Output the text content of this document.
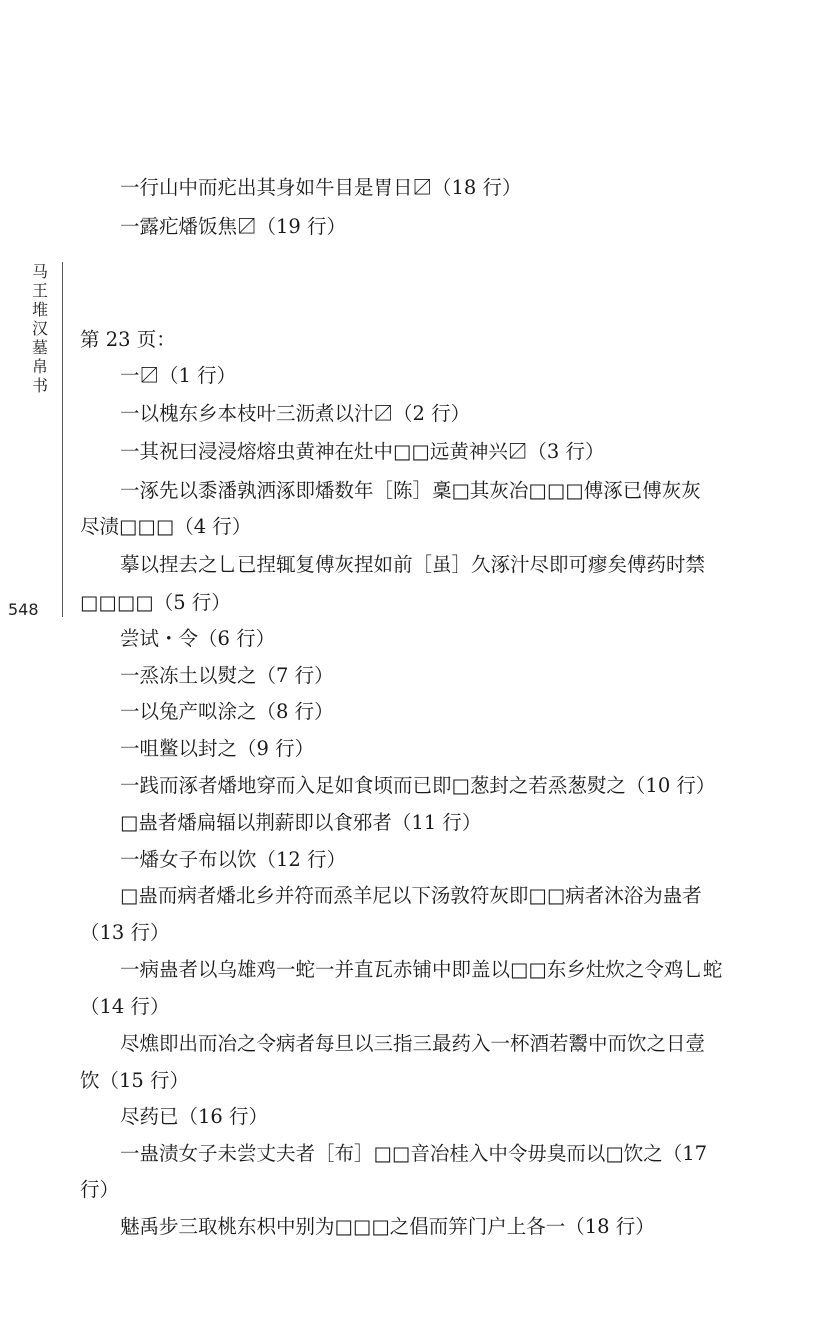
马
王
堆
汉
墓
帛
书
548
一行山中而疕出其身如牛目是胃日〼（18 行）
一露疕燔饭焦〼（19 行）
第 23 页：
一〼（1 行）
一以槐东乡本枝叶三沥煮以汁〼（2 行）
一其祝曰浸浸熔熔虫黄神在灶中□□远黄神兴〼（3 行）
一涿先以黍潘孰洒涿即燔数年［陈］稾□其灰冶□□□傅涿已傅灰灰
尽渍□□□（4 行）
摹以捏去之乚已捏辄复傅灰捏如前［虽］久涿汁尽即可瘳矣傅药时禁
□□□□（5 行）
尝试・令（6 行）
一烝冻土以熨之（7 行）
一以兔产㕽涂之（8 行）
一咀鳖以封之（9 行）
一践而涿者燔地穿而入足如食顷而已即□葱封之若烝葱熨之（10 行）
□蛊者燔扁辐以荆薪即以食邪者（11 行）
一燔女子布以饮（12 行）
□蛊而病者燔北乡并符而烝羊尼以下汤敦符灰即□□病者沐浴为蛊者
（13 行）
一病蛊者以乌雄鸡一蛇一并直瓦赤铺中即盖以□□东乡灶炊之令鸡乚蛇
（14 行）
尽燋即出而冶之令病者每旦以三指三最药入一杯酒若鬻中而饮之日壹
饮（15 行）
尽药已（16 行）
一蛊渍女子未尝丈夫者［布］□□音冶桂入中令毋臭而以□饮之（17
行）
魅禹步三取桃东枳中别为□□□之倡而笄门户上各一（18 行）
